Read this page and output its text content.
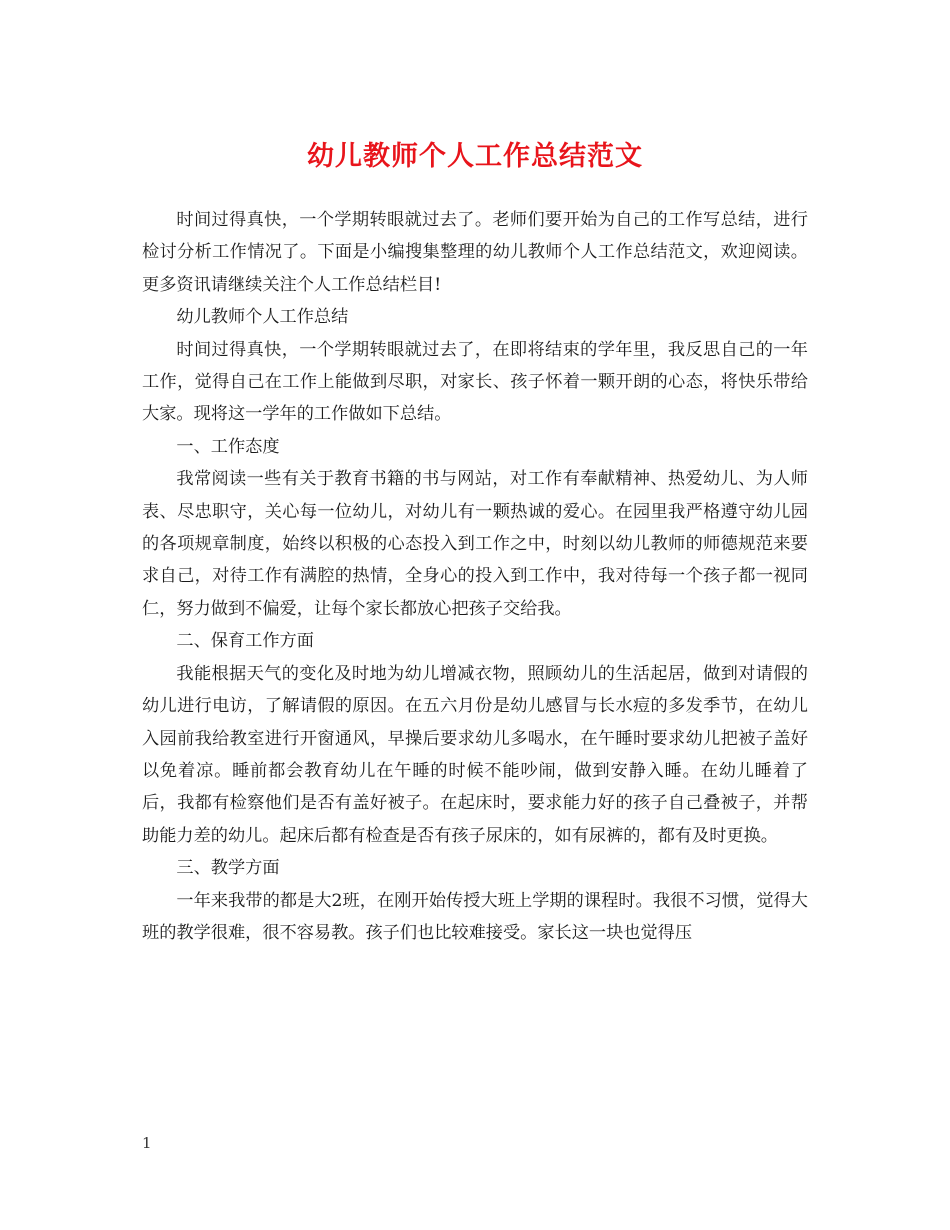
幼儿教师个人工作总结范文

时间过得真快，一个学期转眼就过去了。老师们要开始为自己的工作写总结，进行检讨分析工作情况了。下面是小编搜集整理的幼儿教师个人工作总结范文，欢迎阅读。更多资讯请继续关注个人工作总结栏目!

幼儿教师个人工作总结

时间过得真快，一个学期转眼就过去了，在即将结束的学年里，我反思自己的一年工作，觉得自己在工作上能做到尽职，对家长、孩子怀着一颗开朗的心态，将快乐带给大家。现将这一学年的工作做如下总结。

一、工作态度

我常阅读一些有关于教育书籍的书与网站，对工作有奉献精神、热爱幼儿、为人师表、尽忠职守，关心每一位幼儿，对幼儿有一颗热诚的爱心。在园里我严格遵守幼儿园的各项规章制度，始终以积极的心态投入到工作之中，时刻以幼儿教师的师德规范来要求自己，对待工作有满腔的热情，全身心的投入到工作中，我对待每一个孩子都一视同仁，努力做到不偏爱，让每个家长都放心把孩子交给我。

二、保育工作方面

我能根据天气的变化及时地为幼儿增减衣物，照顾幼儿的生活起居，做到对请假的幼儿进行电访，了解请假的原因。在五六月份是幼儿感冒与长水痘的多发季节，在幼儿入园前我给教室进行开窗通风，早操后要求幼儿多喝水，在午睡时要求幼儿把被子盖好以免着凉。睡前都会教育幼儿在午睡的时候不能吵闹，做到安静入睡。在幼儿睡着了后，我都有检察他们是否有盖好被子。在起床时，要求能力好的孩子自己叠被子，并帮助能力差的幼儿。起床后都有检查是否有孩子尿床的，如有尿裤的，都有及时更换。

三、教学方面

一年来我带的都是大2班，在刚开始传授大班上学期的课程时。我很不习惯，觉得大班的教学很难，很不容易教。孩子们也比较难接受。家长这一块也觉得压

1
